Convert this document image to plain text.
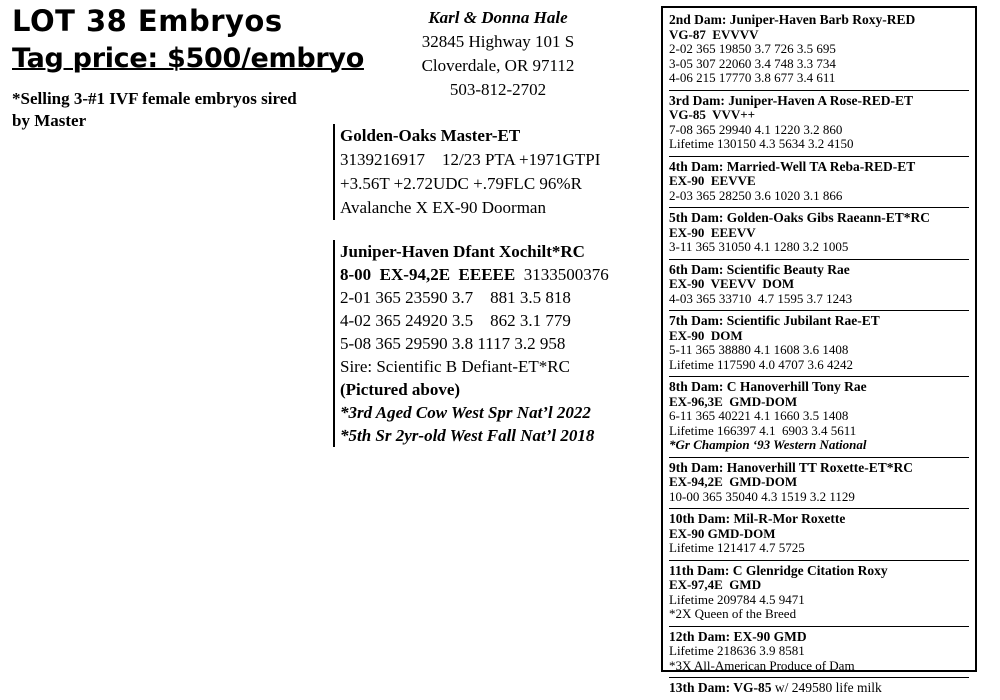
LOT 38 Embryos
Tag price: $500/embryo
*Selling 3-#1 IVF female embryos sired by Master
Karl & Donna Hale
32845 Highway 101 S
Cloverdale, OR 97112
503-812-2702
Golden-Oaks Master-ET
3139216917    12/23 PTA +1971GTPI
+3.56T +2.72UDC +.79FLC 96%R
Avalanche X EX-90 Doorman
Juniper-Haven Dfant Xochilt*RC
8-00  EX-94,2E  EEEEE 3133500376
2-01 365 23590 3.7    881 3.5 818
4-02 365 24920 3.5    862 3.1 779
5-08 365 29590 3.8 1117 3.2 958
Sire: Scientific B Defiant-ET*RC
(Pictured above)
*3rd Aged Cow West Spr Nat’l 2022
*5th Sr 2yr-old West Fall Nat’l 2018
2nd Dam: Juniper-Haven Barb Roxy-RED
VG-87  EVVVV
2-02 365 19850 3.7 726 3.5 695
3-05 307 22060 3.4 748 3.3 734
4-06 215 17770 3.8 677 3.4 611
3rd Dam: Juniper-Haven A Rose-RED-ET
VG-85  VVV++
7-08 365 29940 4.1 1220 3.2 860
Lifetime 130150 4.3 5634 3.2 4150
4th Dam: Married-Well TA Reba-RED-ET
EX-90  EEVVE
2-03 365 28250 3.6 1020 3.1 866
5th Dam: Golden-Oaks Gibs Raeann-ET*RC
EX-90  EEEVV
3-11 365 31050 4.1 1280 3.2 1005
6th Dam: Scientific Beauty Rae
EX-90  VEEVV  DOM
4-03 365 33710  4.7 1595 3.7 1243
7th Dam: Scientific Jubilant Rae-ET
EX-90  DOM
5-11 365 38880 4.1 1608 3.6 1408
Lifetime 117590 4.0 4707 3.6 4242
8th Dam: C Hanoverhill Tony Rae
EX-96,3E  GMD-DOM
6-11 365 40221 4.1 1660 3.5 1408
Lifetime 166397 4.1  6903 3.4 5611
*Gr Champion ‘93 Western National
9th Dam: Hanoverhill TT Roxette-ET*RC
EX-94,2E  GMD-DOM
10-00 365 35040 4.3 1519 3.2 1129
10th Dam: Mil-R-Mor Roxette
EX-90 GMD-DOM
Lifetime 121417 4.7 5725
11th Dam: C Glenridge Citation Roxy
EX-97,4E  GMD
Lifetime 209784 4.5 9471
*2X Queen of the Breed
12th Dam: EX-90 GMD
Lifetime 218636 3.9 8581
*3X All-American Produce of Dam
13th Dam: VG-85 w/ 249580 life milk
